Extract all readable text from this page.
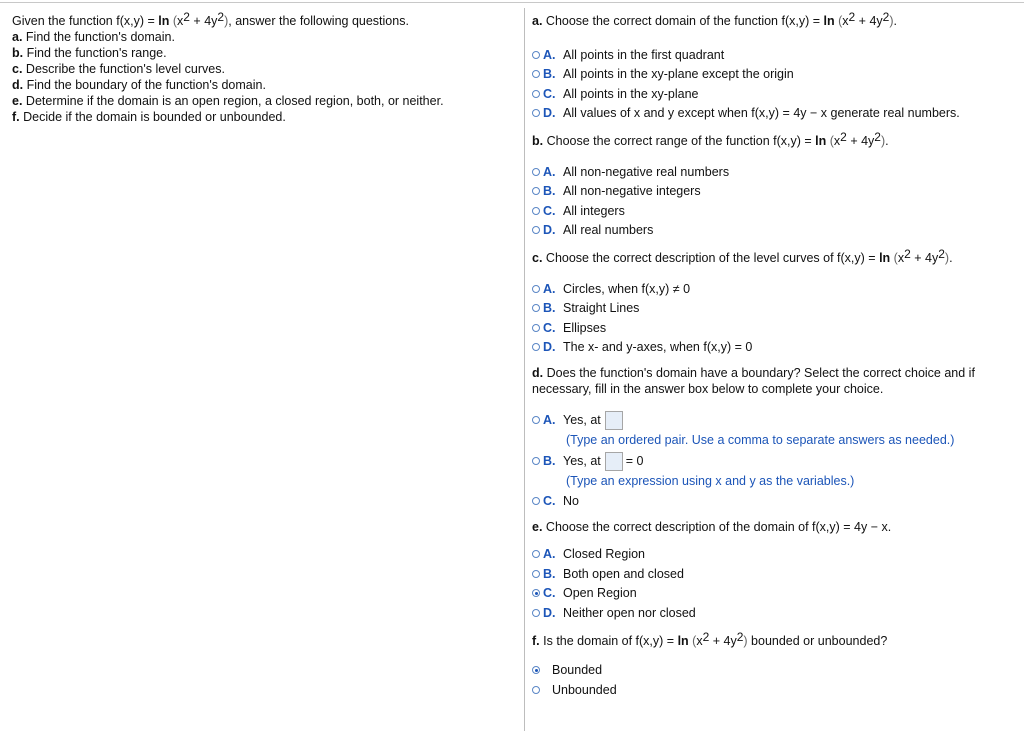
Given the function f(x,y) = ln (x2 + 4y2), answer the following questions.
a. Find the function's domain.
b. Find the function's range.
c. Describe the function's level curves.
d. Find the boundary of the function's domain.
e. Determine if the domain is an open region, a closed region, both, or neither.
f. Decide if the domain is bounded or unbounded.

a. Choose the correct domain of the function f(x,y) = ln (x2 + 4y2).

A. All points in the first quadrant
B. All points in the xy-plane except the origin
C. All points in the xy-plane
D. All values of x and y except when f(x,y) = 4y − x generate real numbers.

b. Choose the correct range of the function f(x,y) = ln (x2 + 4y2).

A. All non-negative real numbers
B. All non-negative integers
C. All integers
D. All real numbers

c. Choose the correct description of the level curves of f(x,y) = ln (x2 + 4y2).

A. Circles, when f(x,y) ≠ 0
B. Straight Lines
C. Ellipses
D. The x- and y-axes, when f(x,y) = 0

d. Does the function's domain have a boundary? Select the correct choice and if necessary, fill in the answer box below to complete your choice.

A. Yes, at
(Type an ordered pair. Use a comma to separate answers as needed.)
B. Yes, at = 0
(Type an expression using x and y as the variables.)
C. No

e. Choose the correct description of the domain of f(x,y) = 4y − x.

A. Closed Region
B. Both open and closed
C. Open Region
D. Neither open nor closed

f. Is the domain of f(x,y) = ln (x2 + 4y2) bounded or unbounded?

Bounded
Unbounded
